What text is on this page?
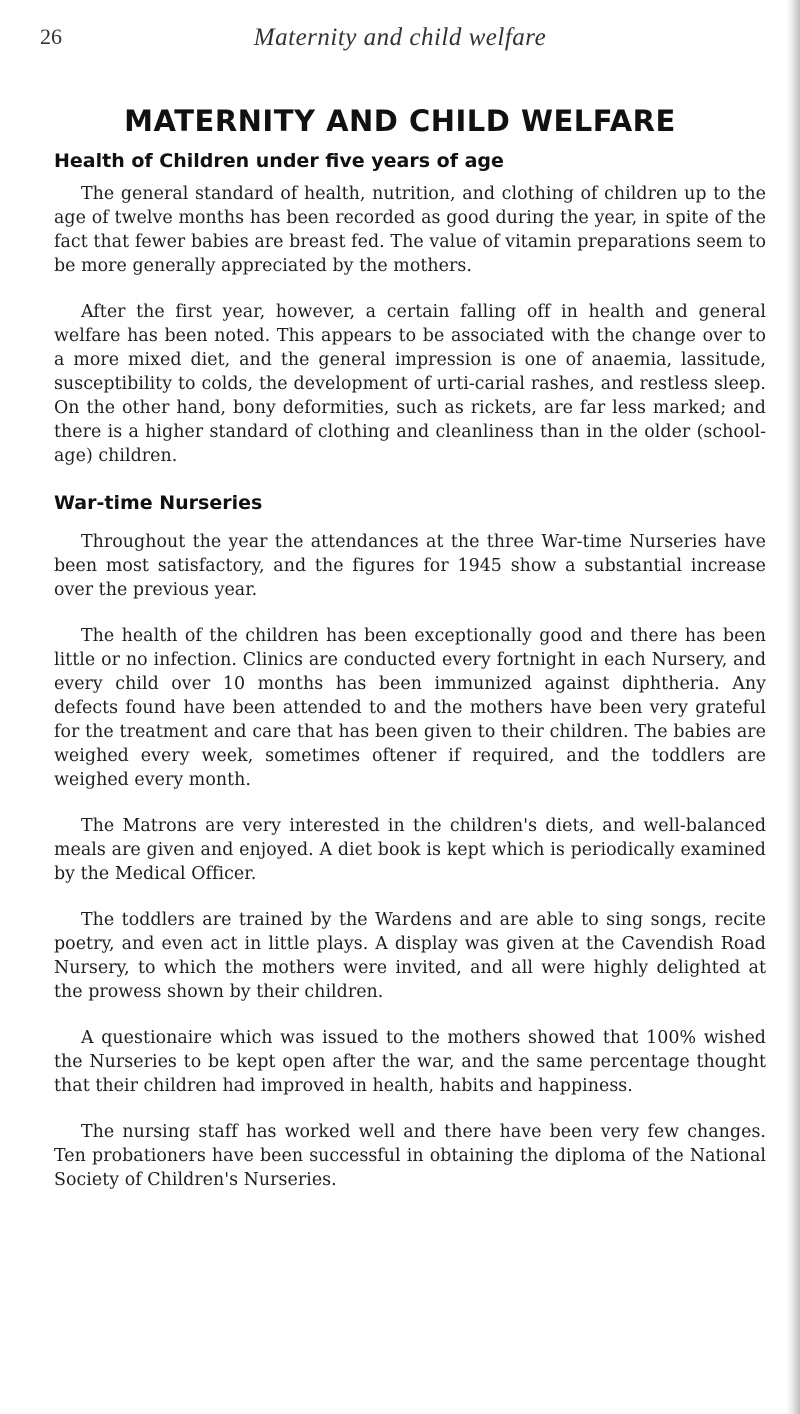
26	Maternity and child welfare
MATERNITY AND CHILD WELFARE
Health of Children under five years of age

The general standard of health, nutrition, and clothing of children up to the age of twelve months has been recorded as good during the year, in spite of the fact that fewer babies are breast fed. The value of vitamin preparations seem to be more generally appreciated by the mothers.

After the first year, however, a certain falling off in health and general welfare has been noted. This appears to be associated with the change over to a more mixed diet, and the general impression is one of anaemia, lassitude, susceptibility to colds, the development of urti-carial rashes, and restless sleep. On the other hand, bony deformities, such as rickets, are far less marked; and there is a higher standard of clothing and cleanliness than in the older (school-age) children.

War-time Nurseries

Throughout the year the attendances at the three War-time Nurseries have been most satisfactory, and the figures for 1945 show a substantial increase over the previous year.

The health of the children has been exceptionally good and there has been little or no infection. Clinics are conducted every fortnight in each Nursery, and every child over 10 months has been immunized against diphtheria. Any defects found have been attended to and the mothers have been very grateful for the treatment and care that has been given to their children. The babies are weighed every week, sometimes oftener if required, and the toddlers are weighed every month.

The Matrons are very interested in the children's diets, and well-balanced meals are given and enjoyed. A diet book is kept which is periodically examined by the Medical Officer.

The toddlers are trained by the Wardens and are able to sing songs, recite poetry, and even act in little plays. A display was given at the Cavendish Road Nursery, to which the mothers were invited, and all were highly delighted at the prowess shown by their children.

A questionaire which was issued to the mothers showed that 100% wished the Nurseries to be kept open after the war, and the same percentage thought that their children had improved in health, habits and happiness.

The nursing staff has worked well and there have been very few changes. Ten probationers have been successful in obtaining the diploma of the National Society of Children's Nurseries.
